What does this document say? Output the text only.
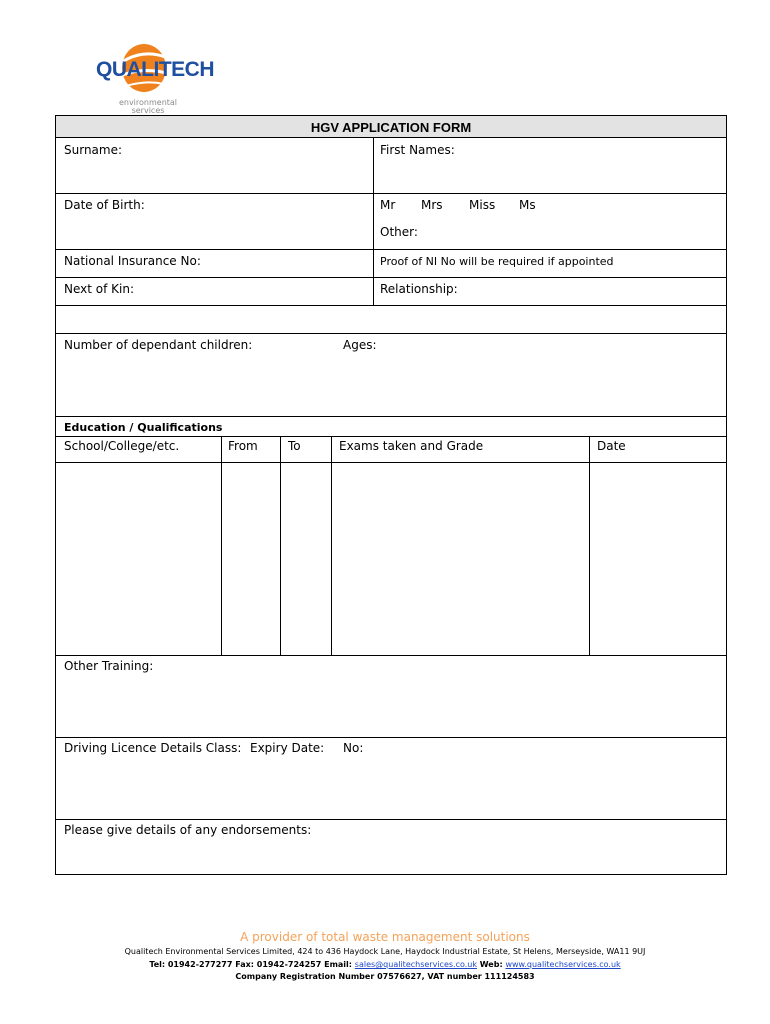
QUALITECH
environmental
services
HGV APPLICATION FORM
Surname:	First Names:
Date of Birth:	Mr Mrs Miss Ms
Other:
National Insurance No:	Proof of NI No will be required if appointed
Next of Kin:	Relationship:
Number of dependant children:	Ages:
Education / Qualifications
School/College/etc.	From	To	Exams taken and Grade	Date
Other Training:
Driving Licence Details Class: Expiry Date: No:
Please give details of any endorsements:
A provider of total waste management solutions
Qualitech Environmental Services Limited, 424 to 436 Haydock Lane, Haydock Industrial Estate, St Helens, Merseyside, WA11 9UJ
Tel: 01942-277277 Fax: 01942-724257 Email: sales@qualitechservices.co.uk Web: www.qualitechservices.co.uk
Company Registration Number 07576627, VAT number 111124583
